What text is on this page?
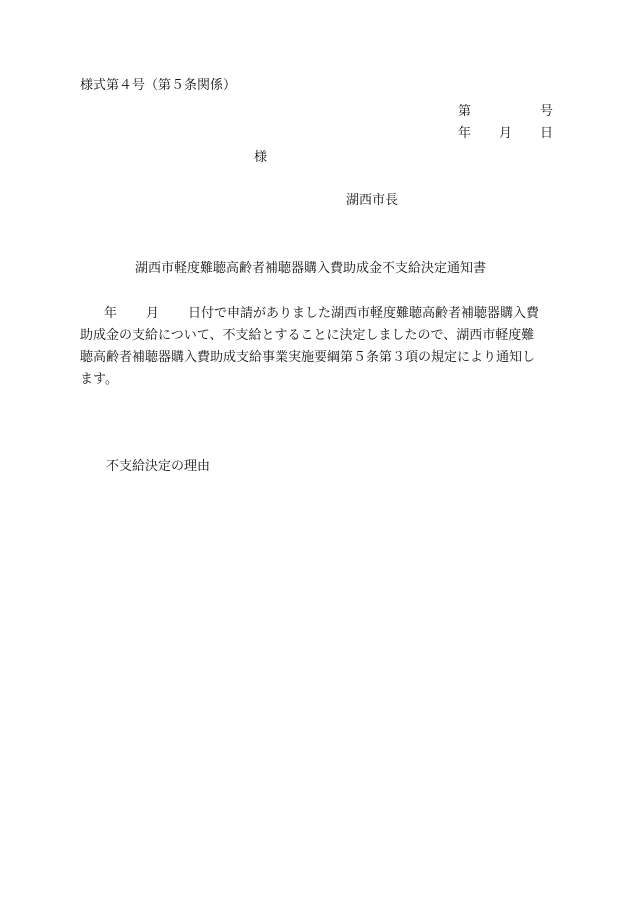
様式第４号（第５条関係）
第	号
年 月 日
様
湖西市長
湖西市軽度難聴高齢者補聴器購入費助成金不支給決定通知書
年 月 日付で申請がありました湖西市軽度難聴高齢者補聴器購入費
助成金の支給について、不支給とすることに決定しましたので、湖西市軽度難
聴高齢者補聴器購入費助成支給事業実施要綱第５条第３項の規定により通知し
ます。
不支給決定の理由
